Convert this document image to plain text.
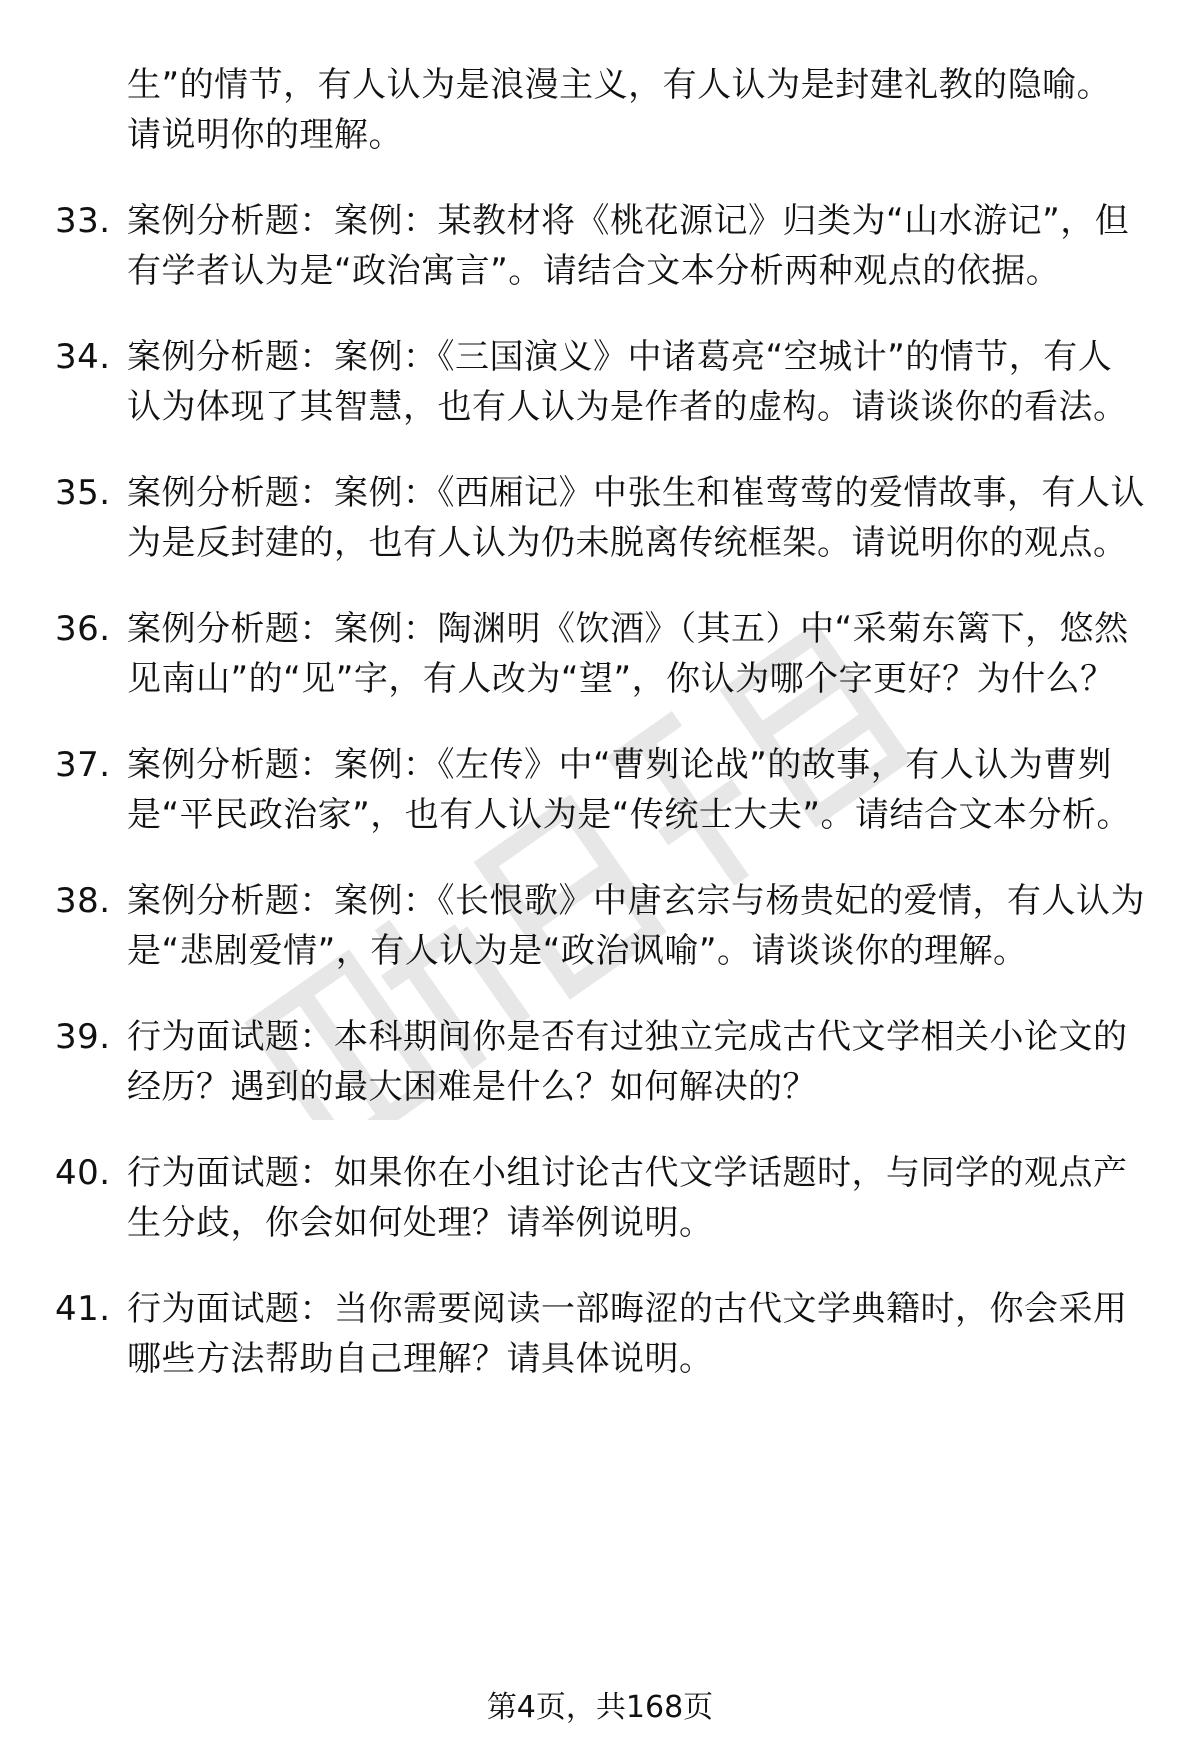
生”的情节，有人认为是浪漫主义，有人认为是封建礼教的隐喻。请说明你的理解。
33. 案例分析题：案例：某教材将《桃花源记》归类为“山水游记”，但有学者认为是“政治寓言”。请结合文本分析两种观点的依据。
34. 案例分析题：案例：《三国演义》中诸葛亮“空城计”的情节，有人认为体现了其智慧，也有人认为是作者的虚构。请谈谈你的看法。
35. 案例分析题：案例：《西厢记》中张生和崔莺莺的爱情故事，有人认为是反封建的，也有人认为仍未脱离传统框架。请说明你的观点。
36. 案例分析题：案例：陶渊明《饮酒》（其五）中“采菊东篱下，悠然见南山”的“见”字，有人改为“望”，你认为哪个字更好？为什么？
37. 案例分析题：案例：《左传》中“曹刿论战”的故事，有人认为曹刿是“平民政治家”，也有人认为是“传统士大夫”。请结合文本分析。
38. 案例分析题：案例：《长恨歌》中唐玄宗与杨贵妃的爱情，有人认为是“悲剧爱情”，有人认为是“政治讽喻”。请谈谈你的理解。
39. 行为面试题：本科期间你是否有过独立完成古代文学相关小论文的经历？遇到的最大困难是什么？如何解决的？
40. 行为面试题：如果你在小组讨论古代文学话题时，与同学的观点产生分歧，你会如何处理？请举例说明。
41. 行为面试题：当你需要阅读一部晦涩的古代文学典籍时，你会采用哪些方法帮助自己理解？请具体说明。
第4页，共168页
